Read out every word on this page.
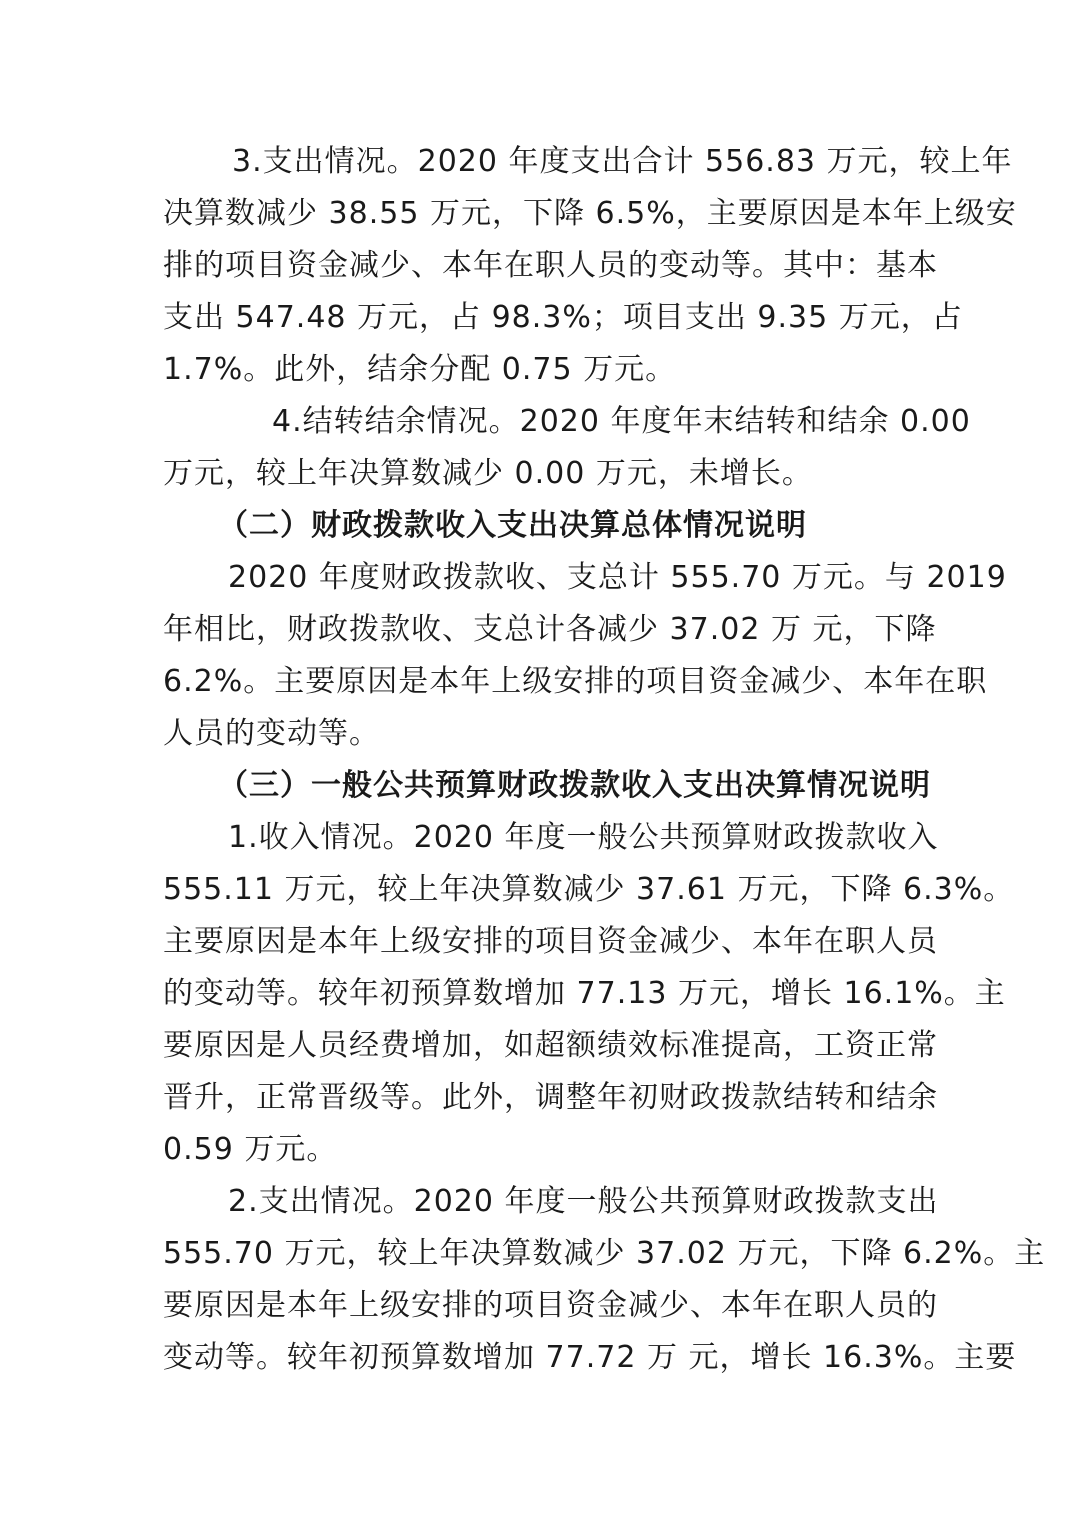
3.支出情况。2020 年度支出合计 556.83 万元，较上年
决算数减少 38.55 万元，下降 6.5%，主要原因是本年上级安
排的项目资金减少、本年在职人员的变动等。其中：基本
支出 547.48 万元，占 98.3%；项目支出 9.35 万元，占
1.7%。此外，结余分配 0.75 万元。
4.结转结余情况。2020 年度年末结转和结余 0.00
万元，较上年决算数减少 0.00 万元，未增长。
（二）财政拨款收入支出决算总体情况说明
2020 年度财政拨款收、支总计 555.70 万元。与 2019
年相比，财政拨款收、支总计各减少 37.02 万 元，下降
6.2%。主要原因是本年上级安排的项目资金减少、本年在职
人员的变动等。
（三）一般公共预算财政拨款收入支出决算情况说明
1.收入情况。2020 年度一般公共预算财政拨款收入
555.11 万元，较上年决算数减少 37.61 万元，下降 6.3%。
主要原因是本年上级安排的项目资金减少、本年在职人员
的变动等。较年初预算数增加 77.13 万元，增长 16.1%。主
要原因是人员经费增加，如超额绩效标准提高，工资正常
晋升，正常晋级等。此外，调整年初财政拨款结转和结余
0.59 万元。
2.支出情况。2020 年度一般公共预算财政拨款支出
555.70 万元，较上年决算数减少 37.02 万元，下降 6.2%。主
要原因是本年上级安排的项目资金减少、本年在职人员的
变动等。较年初预算数增加 77.72 万 元，增长 16.3%。主要
